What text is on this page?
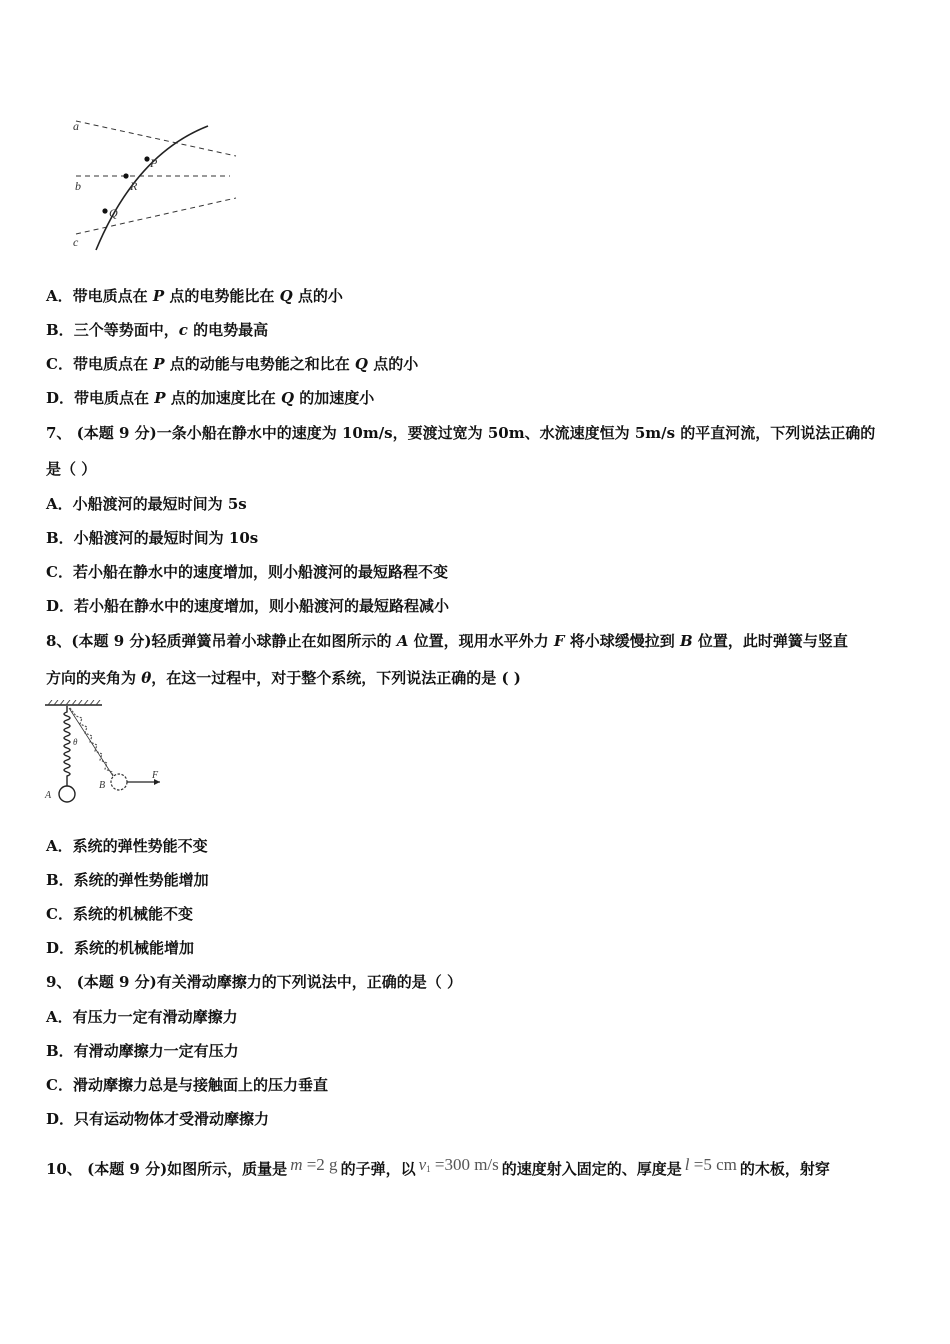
a
b
c
P
R
Q
A．带电质点在 P 点的电势能比在 Q 点的小
B．三个等势面中，c 的电势最高
C．带电质点在 P 点的动能与电势能之和比在 Q 点的小
D．带电质点在 P 点的加速度比在 Q 的加速度小
7、 (本题 9 分)一条小船在静水中的速度为 10m/s，要渡过宽为 50m、水流速度恒为 5m/s 的平直河流，下列说法正确的
是（ ）
A．小船渡河的最短时间为 5s
B．小船渡河的最短时间为 10s
C．若小船在静水中的速度增加，则小船渡河的最短路程不变
D．若小船在静水中的速度增加，则小船渡河的最短路程减小
8、(本题 9 分)轻质弹簧吊着小球静止在如图所示的 A 位置，现用水平外力 F 将小球缓慢拉到 B 位置，此时弹簧与竖直
方向的夹角为 θ，在这一过程中，对于整个系统，下列说法正确的是 ( )
A
B
F
θ
A．系统的弹性势能不变
B．系统的弹性势能增加
C．系统的机械能不变
D．系统的机械能增加
9、 (本题 9 分)有关滑动摩擦力的下列说法中，正确的是（ ）
A．有压力一定有滑动摩擦力
B．有滑动摩擦力一定有压力
C．滑动摩擦力总是与接触面上的压力垂直
D．只有运动物体才受滑动摩擦力
10、 (本题 9 分)如图所示，质量是 m =2 g 的子弹，以 $v_1 =300$ m/s 的速度射入固定的、厚度是 l =5 cm 的木板，射穿
